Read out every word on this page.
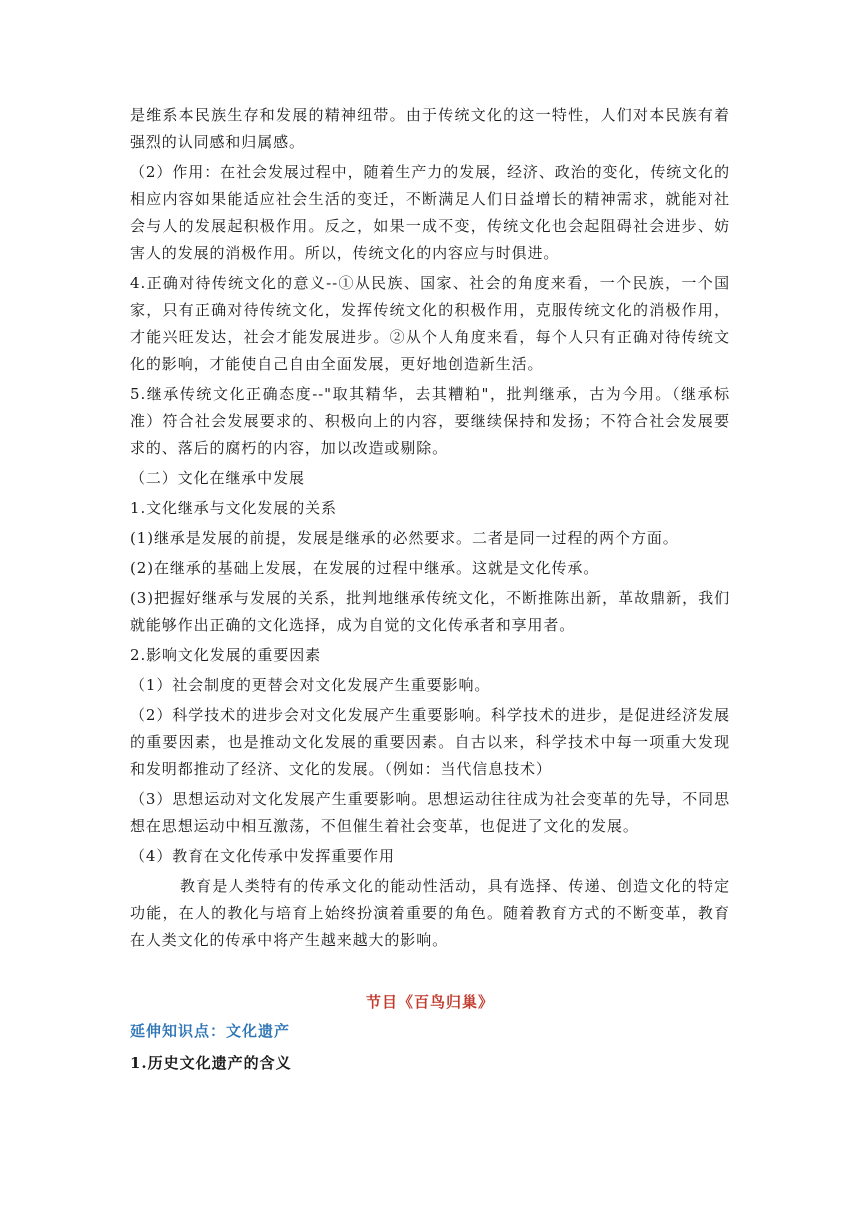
是维系本民族生存和发展的精神纽带。由于传统文化的这一特性，人们对本民族有着强烈的认同感和归属感。

（2）作用：在社会发展过程中，随着生产力的发展，经济、政治的变化，传统文化的相应内容如果能适应社会生活的变迁，不断满足人们日益增长的精神需求，就能对社会与人的发展起积极作用。反之，如果一成不变，传统文化也会起阻碍社会进步、妨害人的发展的消极作用。所以，传统文化的内容应与时俱进。

4.正确对待传统文化的意义--①从民族、国家、社会的角度来看，一个民族，一个国家，只有正确对待传统文化，发挥传统文化的积极作用，克服传统文化的消极作用，才能兴旺发达，社会才能发展进步。②从个人角度来看，每个人只有正确对待传统文化的影响，才能使自己自由全面发展，更好地创造新生活。

5.继承传统文化正确态度--"取其精华，去其糟粕"，批判继承，古为今用。（继承标准）符合社会发展要求的、积极向上的内容，要继续保持和发扬；不符合社会发展要求的、落后的腐朽的内容，加以改造或剔除。

（二）文化在继承中发展

1.文化继承与文化发展的关系

(1)继承是发展的前提，发展是继承的必然要求。二者是同一过程的两个方面。

(2)在继承的基础上发展，在发展的过程中继承。这就是文化传承。

(3)把握好继承与发展的关系，批判地继承传统文化，不断推陈出新，革故鼎新，我们就能够作出正确的文化选择，成为自觉的文化传承者和享用者。

2.影响文化发展的重要因素

（1）社会制度的更替会对文化发展产生重要影响。

（2）科学技术的进步会对文化发展产生重要影响。科学技术的进步，是促进经济发展的重要因素，也是推动文化发展的重要因素。自古以来，科学技术中每一项重大发现和发明都推动了经济、文化的发展。（例如：当代信息技术）

（3）思想运动对文化发展产生重要影响。思想运动往往成为社会变革的先导，不同思想在思想运动中相互激荡，不但催生着社会变革，也促进了文化的发展。

（4）教育在文化传承中发挥重要作用

教育是人类特有的传承文化的能动性活动，具有选择、传递、创造文化的特定功能，在人的教化与培育上始终扮演着重要的角色。随着教育方式的不断变革，教育在人类文化的传承中将产生越来越大的影响。

节目《百鸟归巢》
延伸知识点：文化遗产
1.历史文化遗产的含义
